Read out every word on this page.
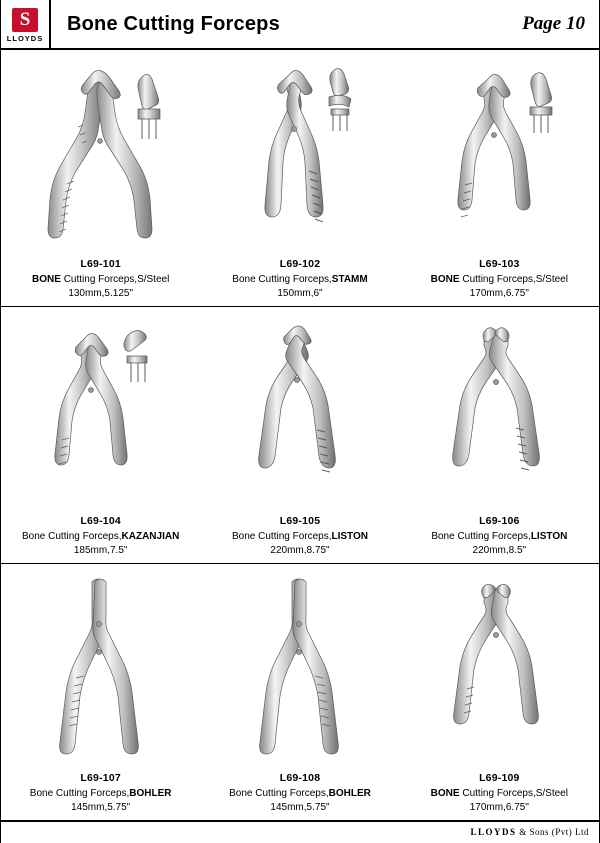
S
LLOYDS
Bone Cutting Forceps	Page 10
L69-101
BONE Cutting Forceps,S/Steel
130mm,5.125"
L69-102
Bone Cutting Forceps,STAMM
150mm,6"
L69-103
BONE Cutting Forceps,S/Steel
170mm,6.75"
L69-104
Bone Cutting Forceps,KAZANJIAN
185mm,7.5"
L69-105
Bone Cutting Forceps,LISTON
220mm,8.75"
L69-106
Bone Cutting Forceps,LISTON
220mm,8.5"
L69-107
Bone Cutting Forceps,BOHLER
145mm,5.75"
L69-108
Bone Cutting Forceps,BOHLER
145mm,5.75"
L69-109
BONE Cutting Forceps,S/Steel
170mm,6.75"
LLOYDS & Sons (Pvt) Ltd
